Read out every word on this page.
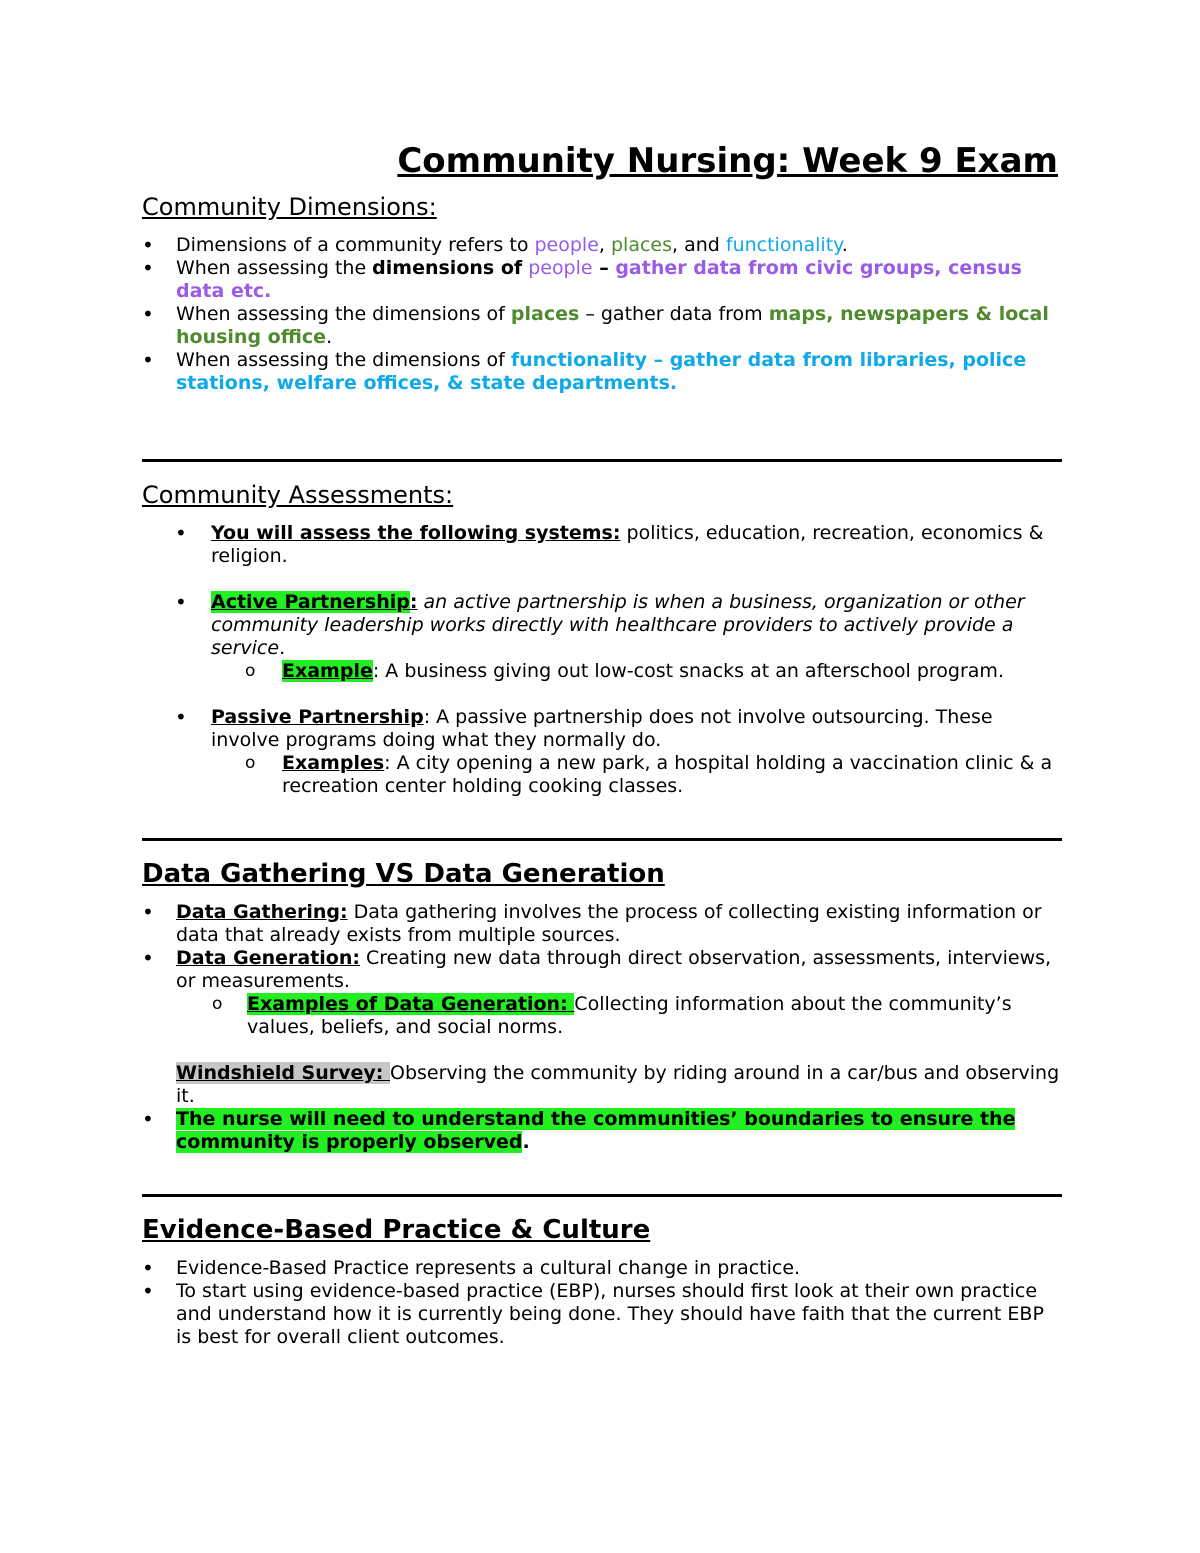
Community Nursing: Week 9 Exam
Community Dimensions:
• Dimensions of a community refers to people, places, and functionality.
• When assessing the dimensions of people – gather data from civic groups, census data etc.
• When assessing the dimensions of places – gather data from maps, newspapers & local housing office.
• When assessing the dimensions of functionality – gather data from libraries, police stations, welfare offices, & state departments.
Community Assessments:
• You will assess the following systems: politics, education, recreation, economics & religion.
• Active Partnership: an active partnership is when a business, organization or other community leadership works directly with healthcare providers to actively provide a service.
o Example: A business giving out low-cost snacks at an afterschool program.
• Passive Partnership: A passive partnership does not involve outsourcing. These involve programs doing what they normally do.
o Examples: A city opening a new park, a hospital holding a vaccination clinic & a recreation center holding cooking classes.
Data Gathering VS Data Generation
• Data Gathering: Data gathering involves the process of collecting existing information or data that already exists from multiple sources.
• Data Generation: Creating new data through direct observation, assessments, interviews, or measurements.
o Examples of Data Generation: Collecting information about the community’s values, beliefs, and social norms.
Windshield Survey: Observing the community by riding around in a car/bus and observing it.
• The nurse will need to understand the communities’ boundaries to ensure the community is properly observed.
Evidence-Based Practice & Culture
• Evidence-Based Practice represents a cultural change in practice.
• To start using evidence-based practice (EBP), nurses should first look at their own practice and understand how it is currently being done. They should have faith that the current EBP is best for overall client outcomes.
